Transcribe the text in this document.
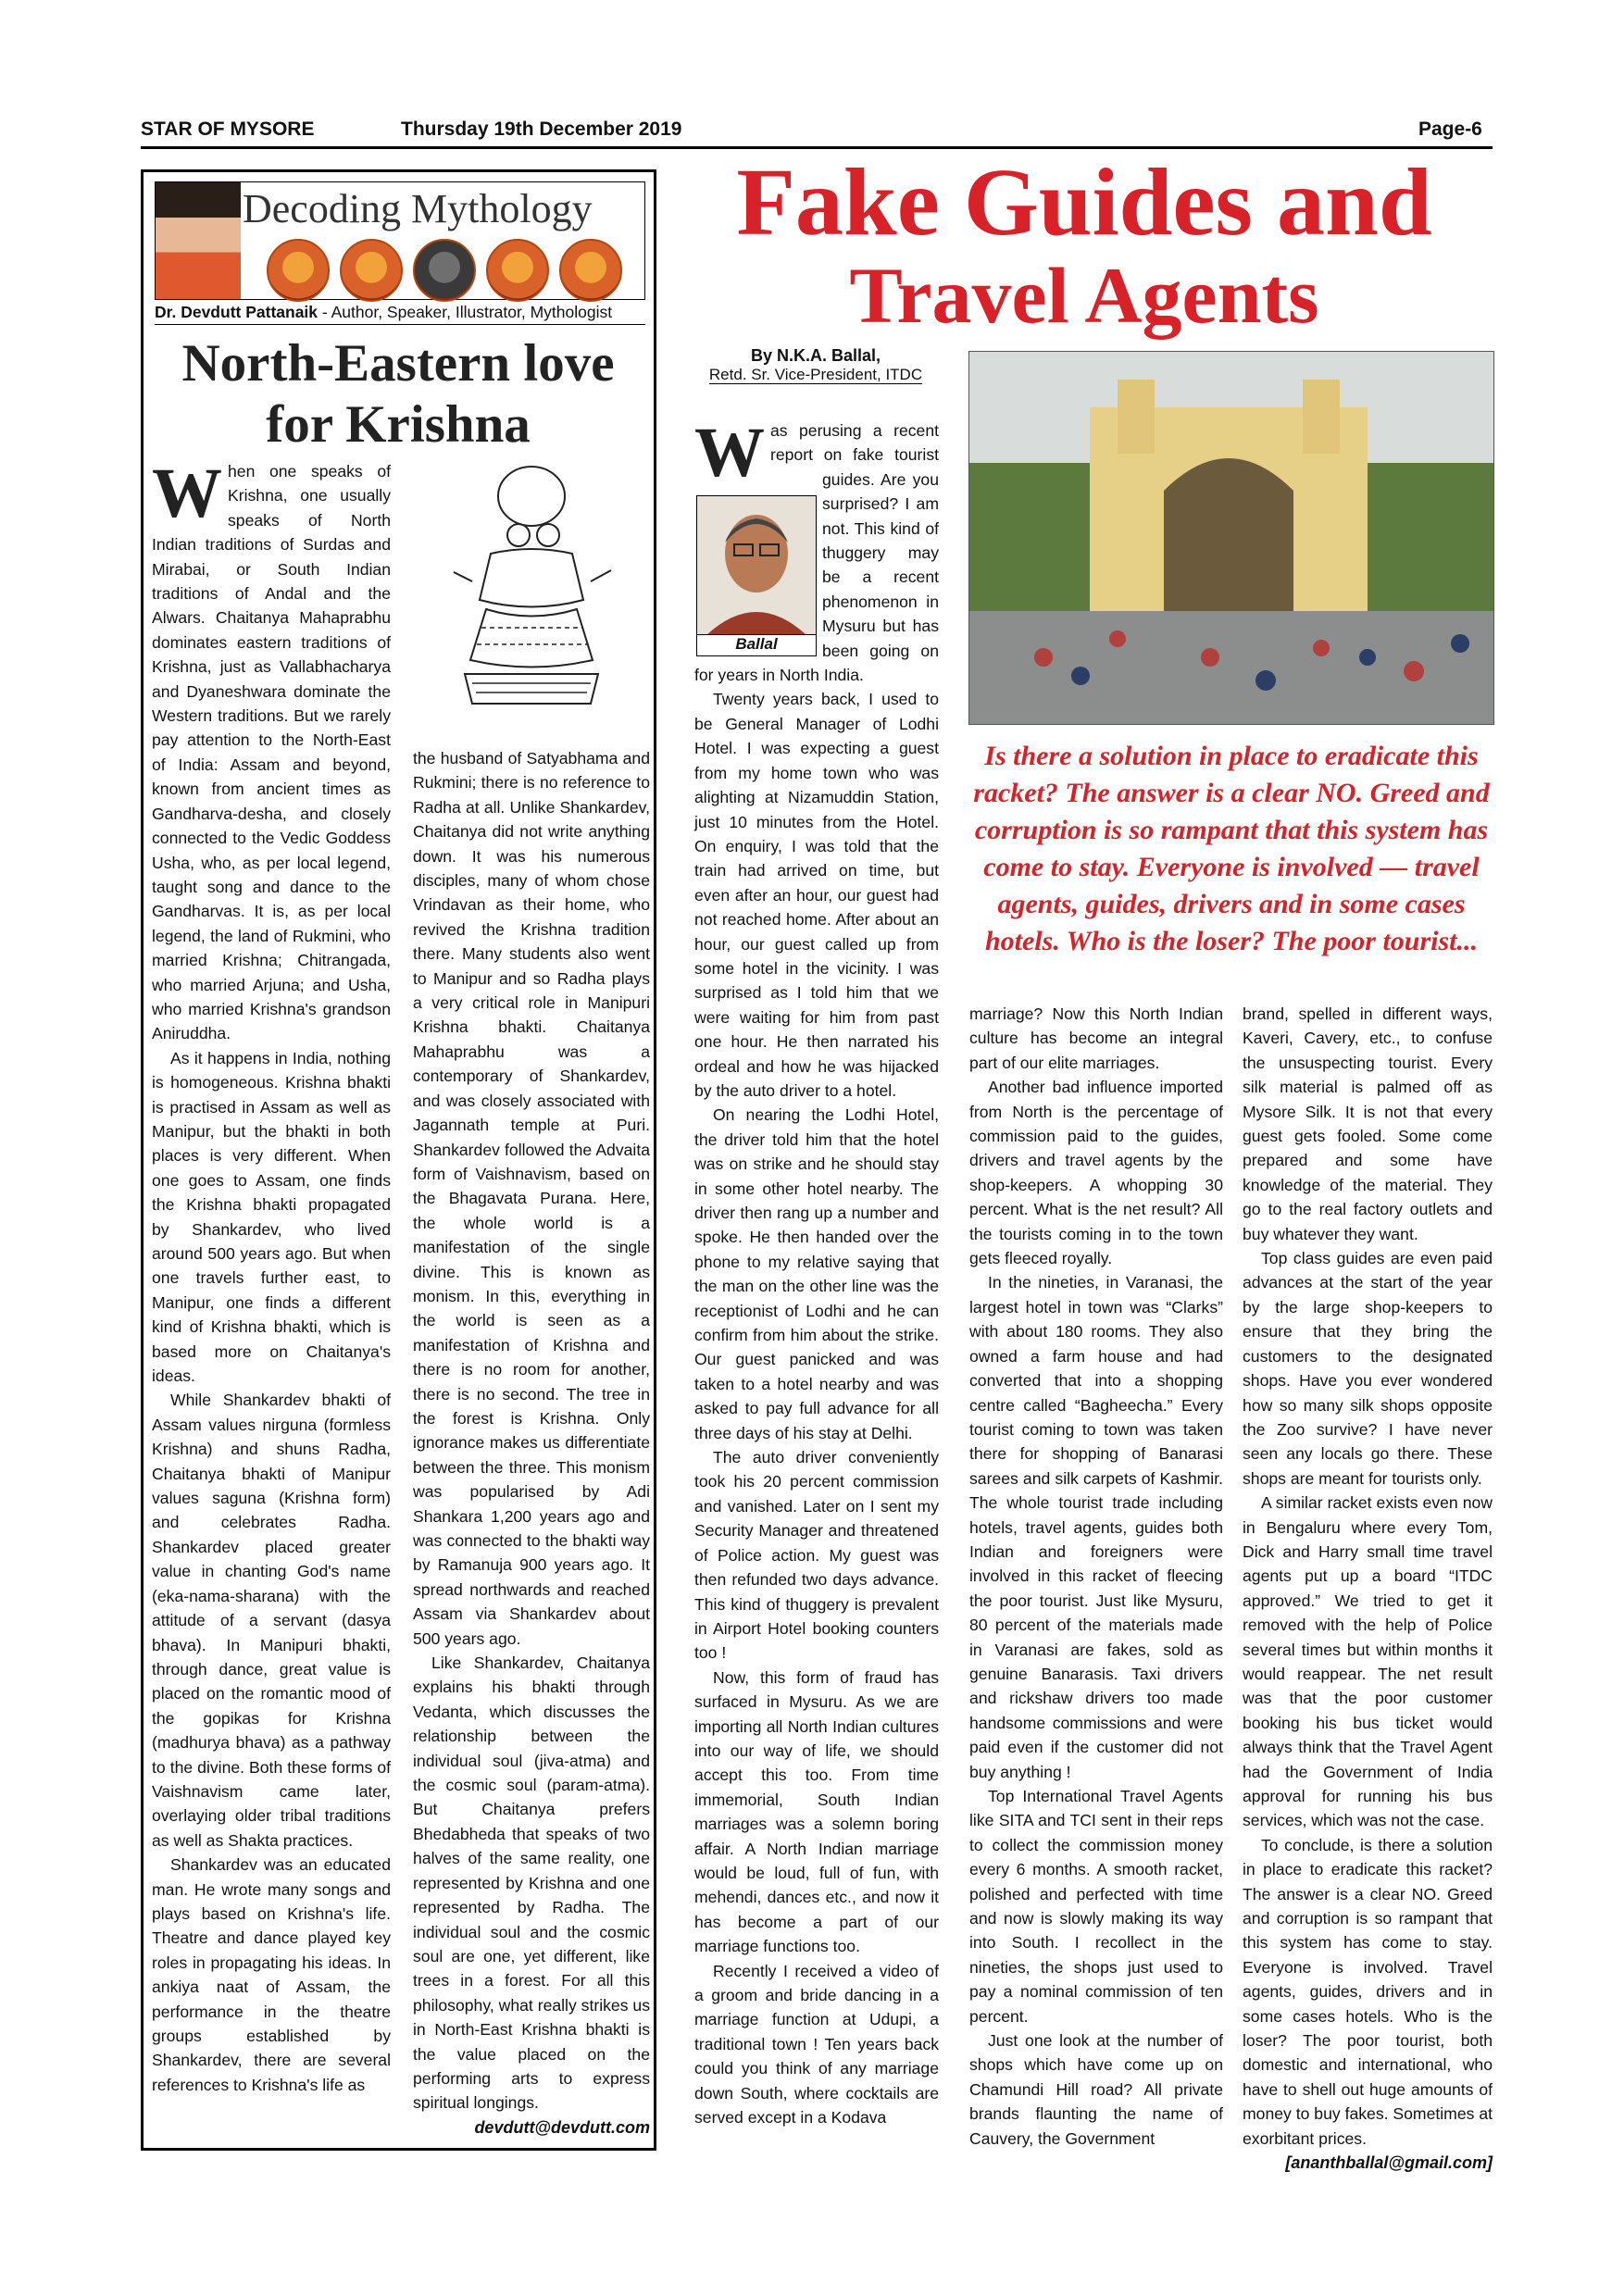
STAR OF MYSORE	Thursday 19th December 2019	Page-6
Decoding Mythology
Dr. Devdutt Pattanaik - Author, Speaker, Illustrator, Mythologist
North-Eastern love
for Krishna
W hen one speaks of Krishna, one usually speaks of North Indian traditions of Surdas and Mirabai, or South Indian traditions of Andal and the Alwars. Chaitanya Mahaprabhu dominates eastern traditions of Krishna, just as Vallabhacharya and Dyaneshwara dominate the Western traditions. But we rarely pay attention to the North-East of India: Assam and beyond, known from ancient times as Gandharva-desha, and closely connected to the Vedic Goddess Usha, who, as per local legend, taught song and dance to the Gandharvas. It is, as per local legend, the land of Rukmini, who married Krishna; Chitrangada, who married Arjuna; and Usha, who married Krishna's grandson Aniruddha.

As it happens in India, nothing is homogeneous. Krishna bhakti is practised in Assam as well as Manipur, but the bhakti in both places is very different. When one goes to Assam, one finds the Krishna bhakti propagated by Shankardev, who lived around 500 years ago. But when one travels further east, to Manipur, one finds a different kind of Krishna bhakti, which is based more on Chaitanya's ideas.

While Shankardev bhakti of Assam values nirguna (formless Krishna) and shuns Radha, Chaitanya bhakti of Manipur values saguna (Krishna form) and celebrates Radha. Shankardev placed greater value in chanting God's name (eka-nama-sharana) with the attitude of a servant (dasya bhava). In Manipuri bhakti, through dance, great value is placed on the romantic mood of the gopikas for Krishna (madhurya bhava) as a pathway to the divine. Both these forms of Vaishnavism came later, overlaying older tribal traditions as well as Shakta practices.

Shankardev was an educated man. He wrote many songs and plays based on Krishna's life. Theatre and dance played key roles in propagating his ideas. In ankiya naat of Assam, the performance in the theatre groups established by Shankardev, there are several references to Krishna's life as

the husband of Satyabhama and Rukmini; there is no reference to Radha at all. Unlike Shankardev, Chaitanya did not write anything down. It was his numerous disciples, many of whom chose Vrindavan as their home, who revived the Krishna tradition there. Many students also went to Manipur and so Radha plays a very critical role in Manipuri Krishna bhakti. Chaitanya Mahaprabhu was a contemporary of Shankardev, and was closely associated with Jagannath temple at Puri. Shankardev followed the Advaita form of Vaishnavism, based on the Bhagavata Purana. Here, the whole world is a manifestation of the single divine. This is known as monism. In this, everything in the world is seen as a manifestation of Krishna and there is no room for another, there is no second. The tree in the forest is Krishna. Only ignorance makes us differentiate between the three. This monism was popularised by Adi Shankara 1,200 years ago and was connected to the bhakti way by Ramanuja 900 years ago. It spread northwards and reached Assam via Shankardev about 500 years ago.

Like Shankardev, Chaitanya explains his bhakti through Vedanta, which discusses the relationship between the individual soul (jiva-atma) and the cosmic soul (param-atma). But Chaitanya prefers Bhedabheda that speaks of two halves of the same reality, one represented by Krishna and one represented by Radha. The individual soul and the cosmic soul are one, yet different, like trees in a forest. For all this philosophy, what really strikes us in North-East Krishna bhakti is the value placed on the performing arts to express spiritual longings.

devdutt@devdutt.com
Fake Guides and
Travel Agents
By N.K.A. Ballal,
Retd. Sr. Vice-President, ITDC
Ballal
W as perusing a recent report on fake tourist guides. Are you surprised? I am not. This kind of thuggery may be a recent phenomenon in Mysuru but has been going on for years in North India.

Twenty years back, I used to be General Manager of Lodhi Hotel. I was expecting a guest from my home town who was alighting at Nizamuddin Station, just 10 minutes from the Hotel. On enquiry, I was told that the train had arrived on time, but even after an hour, our guest had not reached home. After about an hour, our guest called up from some hotel in the vicinity. I was surprised as I told him that we were waiting for him from past one hour. He then narrated his ordeal and how he was hijacked by the auto driver to a hotel.

On nearing the Lodhi Hotel, the driver told him that the hotel was on strike and he should stay in some other hotel nearby. The driver then rang up a number and spoke. He then handed over the phone to my relative saying that the man on the other line was the receptionist of Lodhi and he can confirm from him about the strike. Our guest panicked and was taken to a hotel nearby and was asked to pay full advance for all three days of his stay at Delhi.

The auto driver conveniently took his 20 percent commission and vanished. Later on I sent my Security Manager and threatened of Police action. My guest was then refunded two days advance. This kind of thuggery is prevalent in Airport Hotel booking counters too !

Now, this form of fraud has surfaced in Mysuru. As we are importing all North Indian cultures into our way of life, we should accept this too. From time immemorial, South Indian marriages was a solemn boring affair. A North Indian marriage would be loud, full of fun, with mehendi, dances etc., and now it has become a part of our marriage functions too.

Recently I received a video of a groom and bride dancing in a marriage function at Udupi, a traditional town ! Ten years back could you think of any marriage down South, where cocktails are served except in a Kodava

Is there a solution in place to eradicate this racket? The answer is a clear NO. Greed and corruption is so rampant that this system has come to stay. Everyone is involved — travel agents, guides, drivers and in some cases hotels. Who is the loser? The poor tourist...

marriage? Now this North Indian culture has become an integral part of our elite marriages.

Another bad influence imported from North is the percentage of commission paid to the guides, drivers and travel agents by the shop-keepers. A whopping 30 percent. What is the net result? All the tourists coming in to the town gets fleeced royally.

In the nineties, in Varanasi, the largest hotel in town was “Clarks” with about 180 rooms. They also owned a farm house and had converted that into a shopping centre called “Bagheecha.” Every tourist coming to town was taken there for shopping of Banarasi sarees and silk carpets of Kashmir. The whole tourist trade including hotels, travel agents, guides both Indian and foreigners were involved in this racket of fleecing the poor tourist. Just like Mysuru, 80 percent of the materials made in Varanasi are fakes, sold as genuine Banarasis. Taxi drivers and rickshaw drivers too made handsome commissions and were paid even if the customer did not buy anything !

Top International Travel Agents like SITA and TCI sent in their reps to collect the commission money every 6 months. A smooth racket, polished and perfected with time and now is slowly making its way into South. I recollect in the nineties, the shops just used to pay a nominal commission of ten percent.

Just one look at the number of shops which have come up on Chamundi Hill road? All private brands flaunting the name of Cauvery, the Government

brand, spelled in different ways, Kaveri, Cavery, etc., to confuse the unsuspecting tourist. Every silk material is palmed off as Mysore Silk. It is not that every guest gets fooled. Some come prepared and some have knowledge of the material. They go to the real factory outlets and buy whatever they want.

Top class guides are even paid advances at the start of the year by the large shop-keepers to ensure that they bring the customers to the designated shops. Have you ever wondered how so many silk shops opposite the Zoo survive? I have never seen any locals go there. These shops are meant for tourists only.

A similar racket exists even now in Bengaluru where every Tom, Dick and Harry small time travel agents put up a board “ITDC approved.” We tried to get it removed with the help of Police several times but within months it would reappear. The net result was that the poor customer booking his bus ticket would always think that the Travel Agent had the Government of India approval for running his bus services, which was not the case.

To conclude, is there a solution in place to eradicate this racket? The answer is a clear NO. Greed and corruption is so rampant that this system has come to stay. Everyone is involved. Travel agents, guides, drivers and in some cases hotels. Who is the loser? The poor tourist, both domestic and international, who have to shell out huge amounts of money to buy fakes. Sometimes at exorbitant prices.

[ananthballal@gmail.com]
